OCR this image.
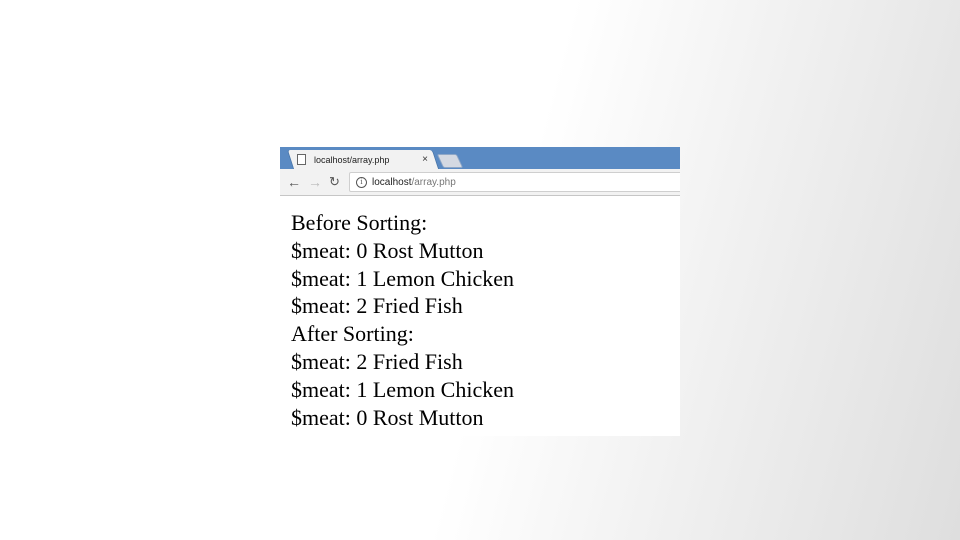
localhost/array.php	×
← → ↻	i localhost /array.php
Before Sorting:
$meat: 0 Rost Mutton
$meat: 1 Lemon Chicken
$meat: 2 Fried Fish
After Sorting:
$meat: 2 Fried Fish
$meat: 1 Lemon Chicken
$meat: 0 Rost Mutton
